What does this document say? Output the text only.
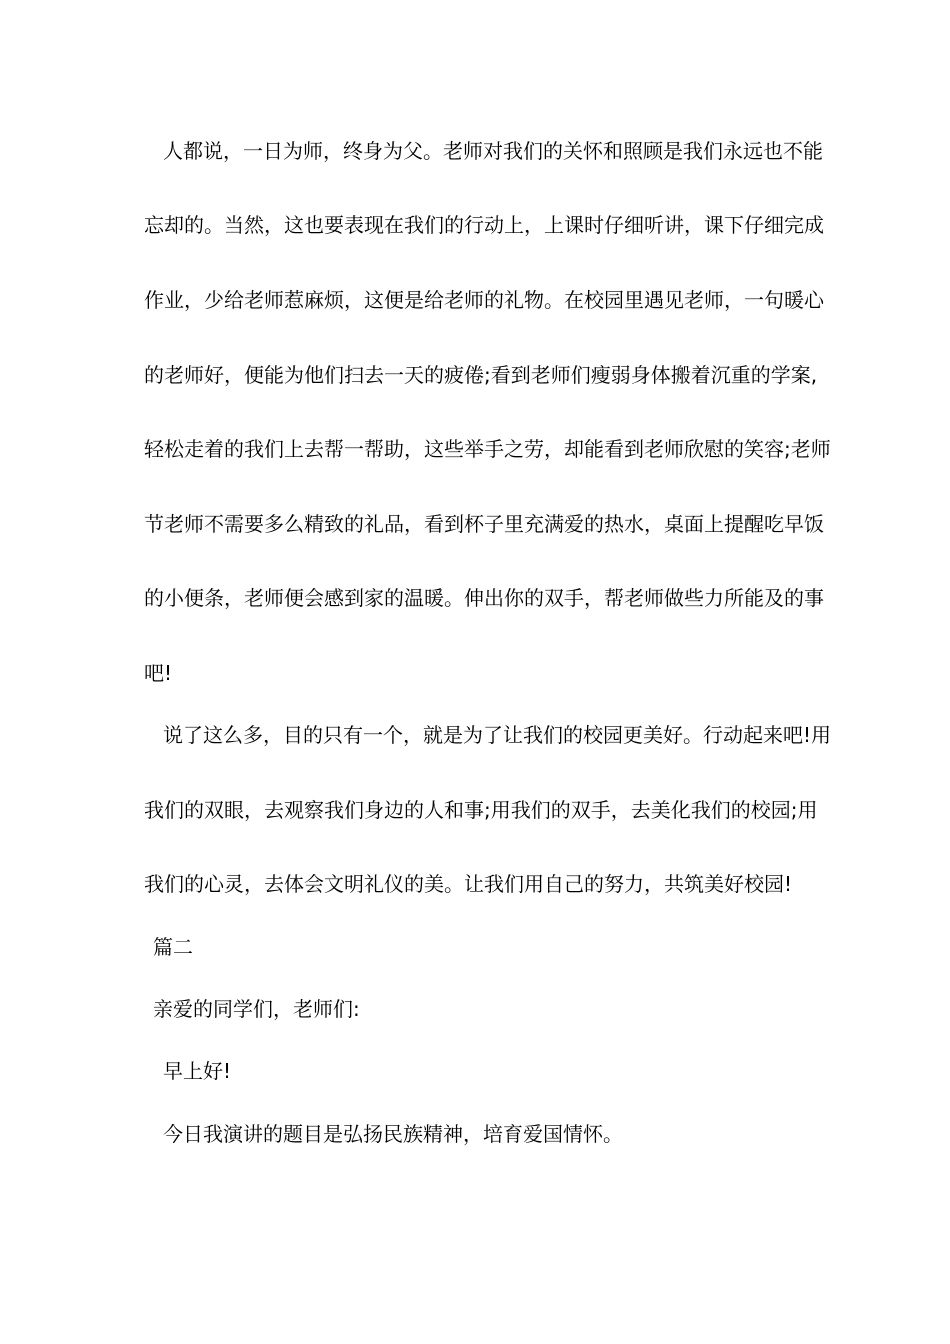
人都说，一日为师，终身为父。老师对我们的关怀和照顾是我们永远也不能
忘却的。当然，这也要表现在我们的行动上，上课时仔细听讲，课下仔细完成
作业，少给老师惹麻烦，这便是给老师的礼物。在校园里遇见老师，一句暖心
的老师好，便能为他们扫去一天的疲倦;看到老师们瘦弱身体搬着沉重的学案,
轻松走着的我们上去帮一帮助，这些举手之劳，却能看到老师欣慰的笑容;老师
节老师不需要多么精致的礼品，看到杯子里充满爱的热水，桌面上提醒吃早饭
的小便条，老师便会感到家的温暖。伸出你的双手，帮老师做些力所能及的事
吧!
说了这么多，目的只有一个，就是为了让我们的校园更美好。行动起来吧!用
我们的双眼，去观察我们身边的人和事;用我们的双手，去美化我们的校园;用
我们的心灵，去体会文明礼仪的美。让我们用自己的努力，共筑美好校园!
篇二
亲爱的同学们，老师们:
早上好!
今日我演讲的题目是弘扬民族精神，培育爱国情怀。
